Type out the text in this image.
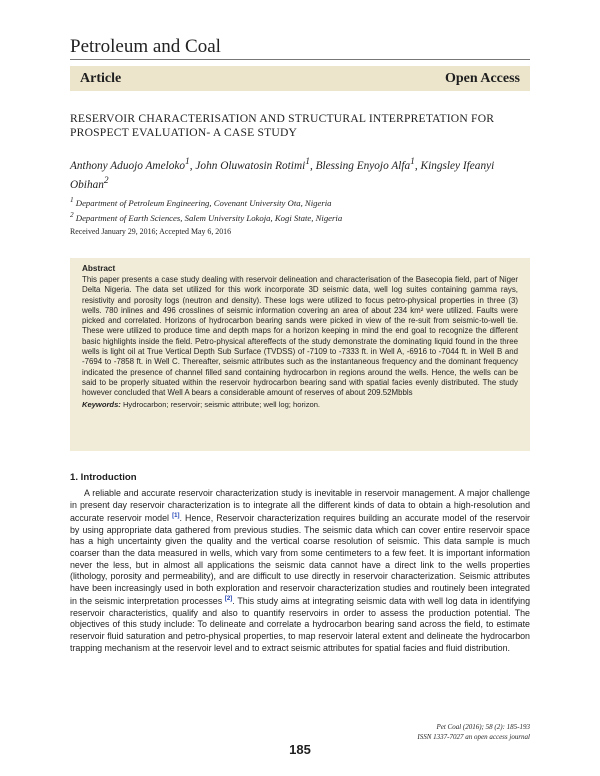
Petroleum and Coal
Article	Open Access
RESERVOIR CHARACTERISATION AND STRUCTURAL INTERPRETATION FOR PROSPECT EVALUATION- A CASE STUDY
Anthony Aduojo Ameloko$^1$, John Oluwatosin Rotimi$^1$, Blessing Enyojo Alfa$^1$, Kingsley Ifeanyi Obihan$^2$
$^1$ Department of Petroleum Engineering, Covenant University Ota, Nigeria
$^2$ Department of Earth Sciences, Salem University Lokoja, Kogi State, Nigeria
Received January 29, 2016; Accepted May 6, 2016
Abstract
This paper presents a case study dealing with reservoir delineation and characterisation of the Basecopia field, part of Niger Delta Nigeria. The data set utilized for this work incorporate 3D seismic data, well log suites containing gamma rays, resistivity and porosity logs (neutron and density). These logs were utilized to focus petro-physical properties in three (3) wells. 780 inlines and 496 crosslines of seismic information covering an area of about 234 km² were utilized. Faults were picked and correlated. Horizons of hydrocarbon bearing sands were picked in view of the re-suit from seismic-to-well tie. These were utilized to produce time and depth maps for a horizon keeping in mind the end goal to recognize the different basic highlights inside the field. Petro-physical aftereffects of the study demonstrate the dominating liquid found in the three wells is light oil at True Vertical Depth Sub Surface (TVDSS) of -7109 to -7333 ft. in Well A, -6916 to -7044 ft. in Well B and -7694 to -7858 ft. in Well C. Thereafter, seismic attributes such as the instantaneous frequency and the dominant frequency indicated the presence of channel filled sand containing hydrocarbon in regions around the wells. Hence, the wells can be said to be properly situated within the reservoir hydrocarbon bearing sand with spatial facies evenly distributed. The study however concluded that Well A bears a considerable amount of reserves of about 209.52Mbbls
Keywords: Hydrocarbon; reservoir; seismic attribute; well log; horizon.
1. Introduction
A reliable and accurate reservoir characterization study is inevitable in reservoir management. A major challenge in present day reservoir characterization is to integrate all the different kinds of data to obtain a high-resolution and accurate reservoir model [1]. Hence, Reservoir characterization requires building an accurate model of the reservoir by using appropriate data gathered from previous studies. The seismic data which can cover entire reservoir space has a high uncertainty given the quality and the vertical coarse resolution of seismic. This data sample is much coarser than the data measured in wells, which vary from some centimeters to a few feet. It is important information never the less, but in almost all applications the seismic data cannot have a direct link to the wells properties (lithology, porosity and permeability), and are difficult to use directly in reservoir characterization. Seismic attributes have been increasingly used in both exploration and reservoir characterization studies and routinely been integrated in the seismic interpretation processes [2]. This study aims at integrating seismic data with well log data in identifying reservoir characteristics, qualify and also to quantify reservoirs in order to assess the production potential. The objectives of this study include: To delineate and correlate a hydrocarbon bearing sand across the field, to estimate reservoir fluid saturation and petro-physical properties, to map reservoir lateral extent and delineate the hydrocarbon trapping mechanism at the reservoir level and to extract seismic attributes for spatial facies and fluid distribution.
Pet Coal (2016); 58 (2): 185-193
ISSN 1337-7027 an open access journal
185
